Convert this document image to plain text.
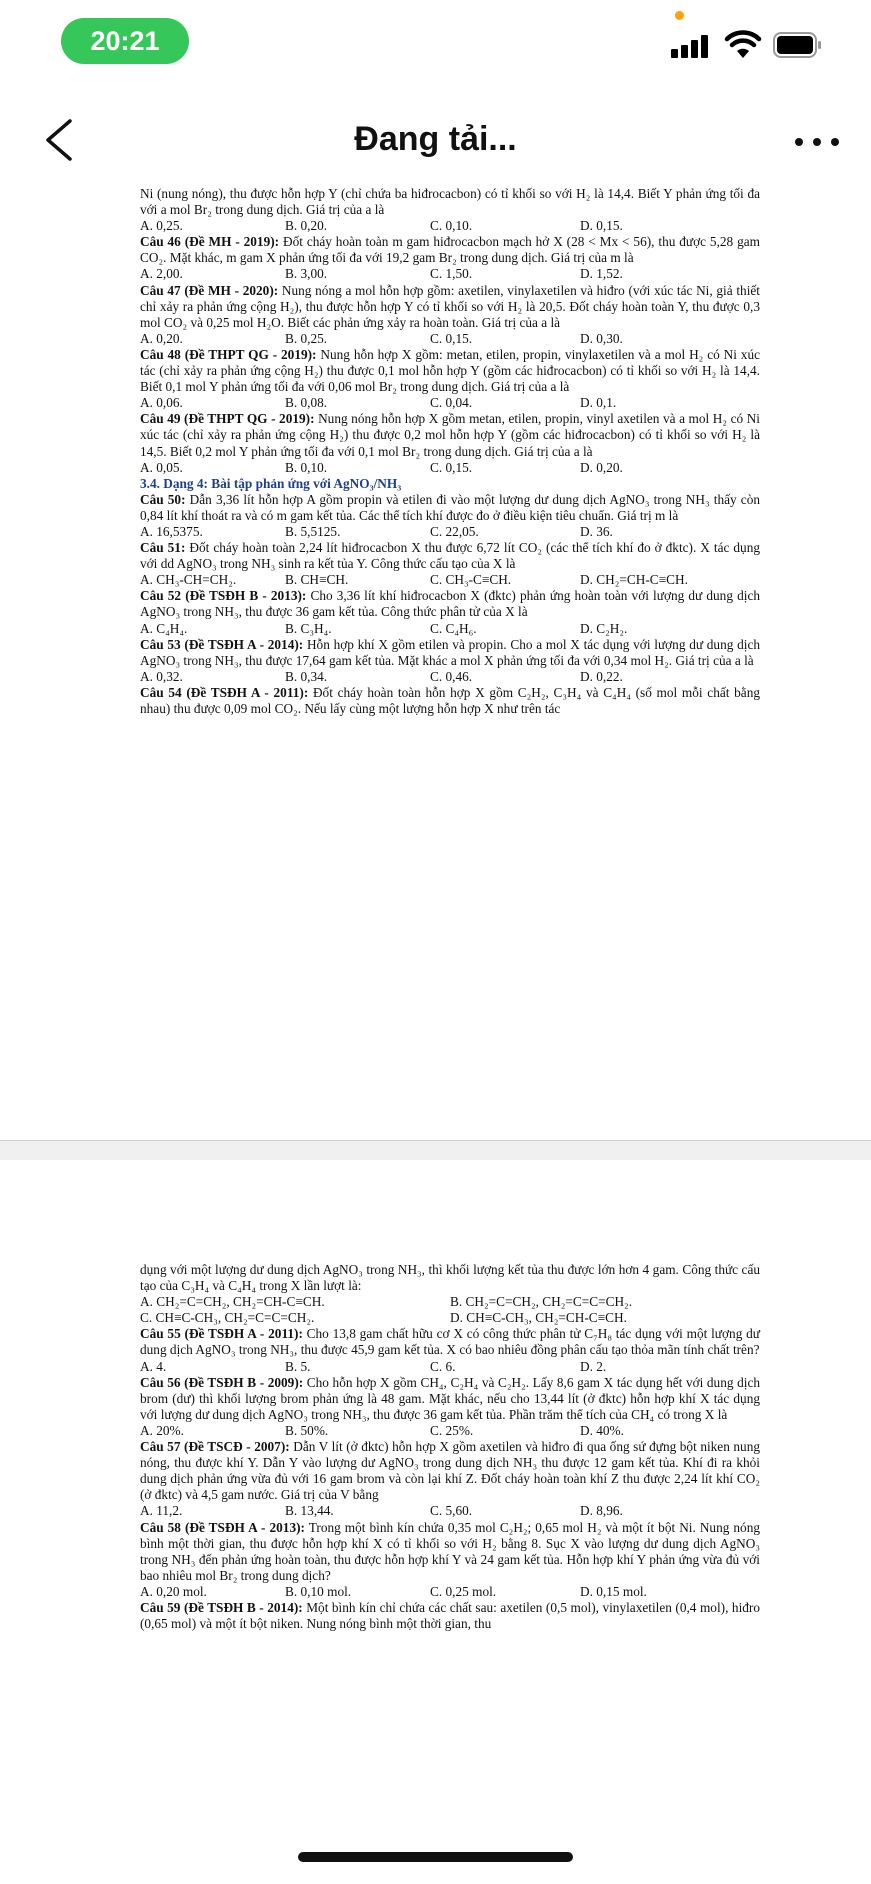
20:21
Đang tải...

Ni (nung nóng), thu được hỗn hợp Y (chỉ chứa ba hiđrocacbon) có tỉ khối so với H₂ là 14,4. Biết Y phản ứng tối đa với a mol Br₂ trong dung dịch. Giá trị của a là

A. 0,25.	B. 0,20.	C. 0,10.	D. 0,15.

Câu 46 (Đề MH - 2019): Đốt cháy hoàn toàn m gam hiđrocacbon mạch hở X (28 < Mx < 56), thu được 5,28 gam CO₂. Mặt khác, m gam X phản ứng tối đa với 19,2 gam Br₂ trong dung dịch. Giá trị của m là

A. 2,00.	B. 3,00.	C. 1,50.	D. 1,52.

Câu 47 (Đề MH - 2020): Nung nóng a mol hỗn hợp gồm: axetilen, vinylaxetilen và hiđro (với xúc tác Ni, giả thiết chỉ xảy ra phản ứng cộng H₂), thu được hỗn hợp Y có tỉ khối so với H₂ là 20,5. Đốt cháy hoàn toàn Y, thu được 0,3 mol CO₂ và 0,25 mol H₂O. Biết các phản ứng xảy ra hoàn toàn. Giá trị của a là

A. 0,20.	B. 0,25.	C. 0,15.	D. 0,30.

Câu 48 (Đề THPT QG - 2019): Nung hỗn hợp X gồm: metan, etilen, propin, vinylaxetilen và a mol H₂ có Ni xúc tác (chỉ xảy ra phản ứng cộng H₂) thu được 0,1 mol hỗn hợp Y (gồm các hiđrocacbon) có tỉ khối so với H₂ là 14,4. Biết 0,1 mol Y phản ứng tối đa với 0,06 mol Br₂ trong dung dịch. Giá trị của a là

A. 0,06.	B. 0,08.	C. 0,04.	D. 0,1.

Câu 49 (Đề THPT QG - 2019): Nung nóng hỗn hợp X gồm metan, etilen, propin, vinyl axetilen và a mol H₂ có Ni xúc tác (chỉ xảy ra phản ứng cộng H₂) thu được 0,2 mol hỗn hợp Y (gồm các hiđrocacbon) có tỉ khối so với H₂ là 14,5. Biết 0,2 mol Y phản ứng tối đa với 0,1 mol Br₂ trong dung dịch. Giá trị của a là

A. 0,05.	B. 0,10.	C. 0,15.	D. 0,20.

3.4. Dạng 4: Bài tập phản ứng với AgNO₃/NH₃

Câu 50: Dẫn 3,36 lít hỗn hợp A gồm propin và etilen đi vào một lượng dư dung dịch AgNO₃ trong NH₃ thấy còn 0,84 lít khí thoát ra và có m gam kết tủa. Các thể tích khí được đo ở điều kiện tiêu chuẩn. Giá trị m là

A. 16,5375.	B. 5,5125.	C. 22,05.	D. 36.

Câu 51: Đốt cháy hoàn toàn 2,24 lít hiđrocacbon X thu được 6,72 lít CO₂ (các thể tích khí đo ở đktc). X tác dụng với dd AgNO₃ trong NH₃ sinh ra kết tủa Y. Công thức cấu tạo của X là

A. CH₃-CH=CH₂.	B. CH≡CH.	C. CH₃-C≡CH.	D. CH₂=CH-C≡CH.

Câu 52 (Đề TSĐH B - 2013): Cho 3,36 lít khí hiđrocacbon X (đktc) phản ứng hoàn toàn với lượng dư dung dịch AgNO₃ trong NH₃, thu được 36 gam kết tủa. Công thức phân tử của X là

A. C₄H₄.	B. C₃H₄.	C. C₄H₆.	D. C₂H₂.

Câu 53 (Đề TSĐH A - 2014): Hỗn hợp khí X gồm etilen và propin. Cho a mol X tác dụng với lượng dư dung dịch AgNO₃ trong NH₃, thu được 17,64 gam kết tủa. Mặt khác a mol X phản ứng tối đa với 0,34 mol H₂. Giá trị của a là

A. 0,32.	B. 0,34.	C. 0,46.	D. 0,22.

Câu 54 (Đề TSĐH A - 2011): Đốt cháy hoàn toàn hỗn hợp X gồm C₂H₂, C₃H₄ và C₄H₄ (số mol mỗi chất bằng nhau) thu được 0,09 mol CO₂. Nếu lấy cùng một lượng hỗn hợp X như trên tác

dụng với một lượng dư dung dịch AgNO₃ trong NH₃, thì khối lượng kết tủa thu được lớn hơn 4 gam. Công thức cấu tạo của C₃H₄ và C₄H₄ trong X lần lượt là:

A. CH₂=C=CH₂, CH₂=CH-C≡CH.	B. CH₂=C=CH₂, CH₂=C=C=CH₂.
C. CH≡C-CH₃, CH₂=C=C=CH₂.	D. CH≡C-CH₃, CH₂=CH-C≡CH.

Câu 55 (Đề TSĐH A - 2011): Cho 13,8 gam chất hữu cơ X có công thức phân tử C₇H₈ tác dụng với một lượng dư dung dịch AgNO₃ trong NH₃, thu được 45,9 gam kết tủa. X có bao nhiêu đồng phân cấu tạo thỏa mãn tính chất trên?

A. 4.	B. 5.	C. 6.	D. 2.

Câu 56 (Đề TSĐH B - 2009): Cho hỗn hợp X gồm CH₄, C₂H₄ và C₂H₂. Lấy 8,6 gam X tác dụng hết với dung dịch brom (dư) thì khối lượng brom phản ứng là 48 gam. Mặt khác, nếu cho 13,44 lít (ở đktc) hỗn hợp khí X tác dụng với lượng dư dung dịch AgNO₃ trong NH₃, thu được 36 gam kết tủa. Phần trăm thể tích của CH₄ có trong X là

A. 20%.	B. 50%.	C. 25%.	D. 40%.

Câu 57 (Đề TSCĐ - 2007): Dẫn V lít (ở đktc) hỗn hợp X gồm axetilen và hiđro đi qua ống sứ đựng bột niken nung nóng, thu được khí Y. Dẫn Y vào lượng dư AgNO₃ trong dung dịch NH₃ thu được 12 gam kết tủa. Khí đi ra khỏi dung dịch phản ứng vừa đủ với 16 gam brom và còn lại khí Z. Đốt cháy hoàn toàn khí Z thu được 2,24 lít khí CO₂ (ở đktc) và 4,5 gam nước. Giá trị của V bằng

A. 11,2.	B. 13,44.	C. 5,60.	D. 8,96.

Câu 58 (Đề TSĐH A - 2013): Trong một bình kín chứa 0,35 mol C₂H₂; 0,65 mol H₂ và một ít bột Ni. Nung nóng bình một thời gian, thu được hỗn hợp khí X có tỉ khối so với H₂ bằng 8. Sục X vào lượng dư dung dịch AgNO₃ trong NH₃ đến phản ứng hoàn toàn, thu được hỗn hợp khí Y và 24 gam kết tủa. Hỗn hợp khí Y phản ứng vừa đủ với bao nhiêu mol Br₂ trong dung dịch?

A. 0,20 mol.	B. 0,10 mol.	C. 0,25 mol.	D. 0,15 mol.

Câu 59 (Đề TSĐH B - 2014): Một bình kín chỉ chứa các chất sau: axetilen (0,5 mol), vinylaxetilen (0,4 mol), hiđro (0,65 mol) và một ít bột niken. Nung nóng bình một thời gian, thu
